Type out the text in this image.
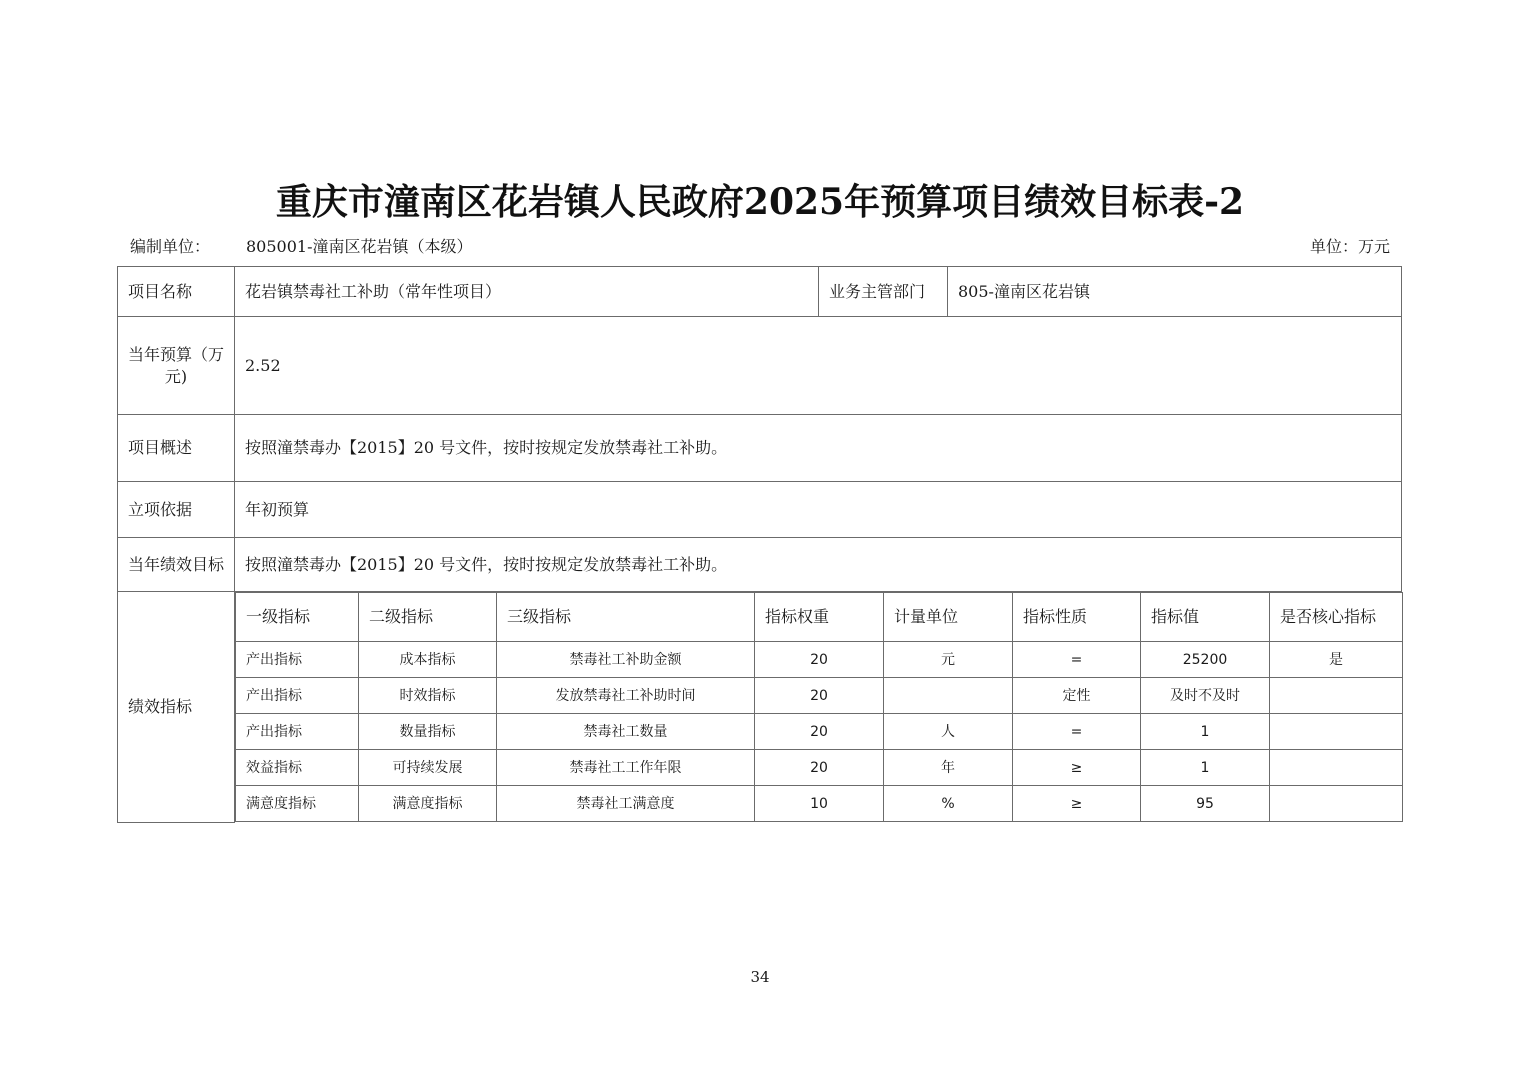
重庆市潼南区花岩镇人民政府2025年预算项目绩效目标表-2
编制单位： 805001-潼南区花岩镇（本级）	单位：万元
项目名称	花岩镇禁毒社工补助（常年性项目）	业务主管部门	805-潼南区花岩镇
当年预算（万元)	2.52
项目概述	按照潼禁毒办【2015】20 号文件，按时按规定发放禁毒社工补助。
立项依据	年初预算
当年绩效目标	按照潼禁毒办【2015】20 号文件，按时按规定发放禁毒社工补助。
绩效指标	
一级指标	二级指标	三级指标	指标权重	计量单位	指标性质	指标值	是否核心指标
产出指标	成本指标	禁毒社工补助金额	20	元	=	25200	是
产出指标	时效指标	发放禁毒社工补助时间	20		定性	及时不及时	
产出指标	数量指标	禁毒社工数量	20	人	=	1	
效益指标	可持续发展	禁毒社工工作年限	20	年	≥	1	
满意度指标	满意度指标	禁毒社工满意度	10	%	≥	95	
34
